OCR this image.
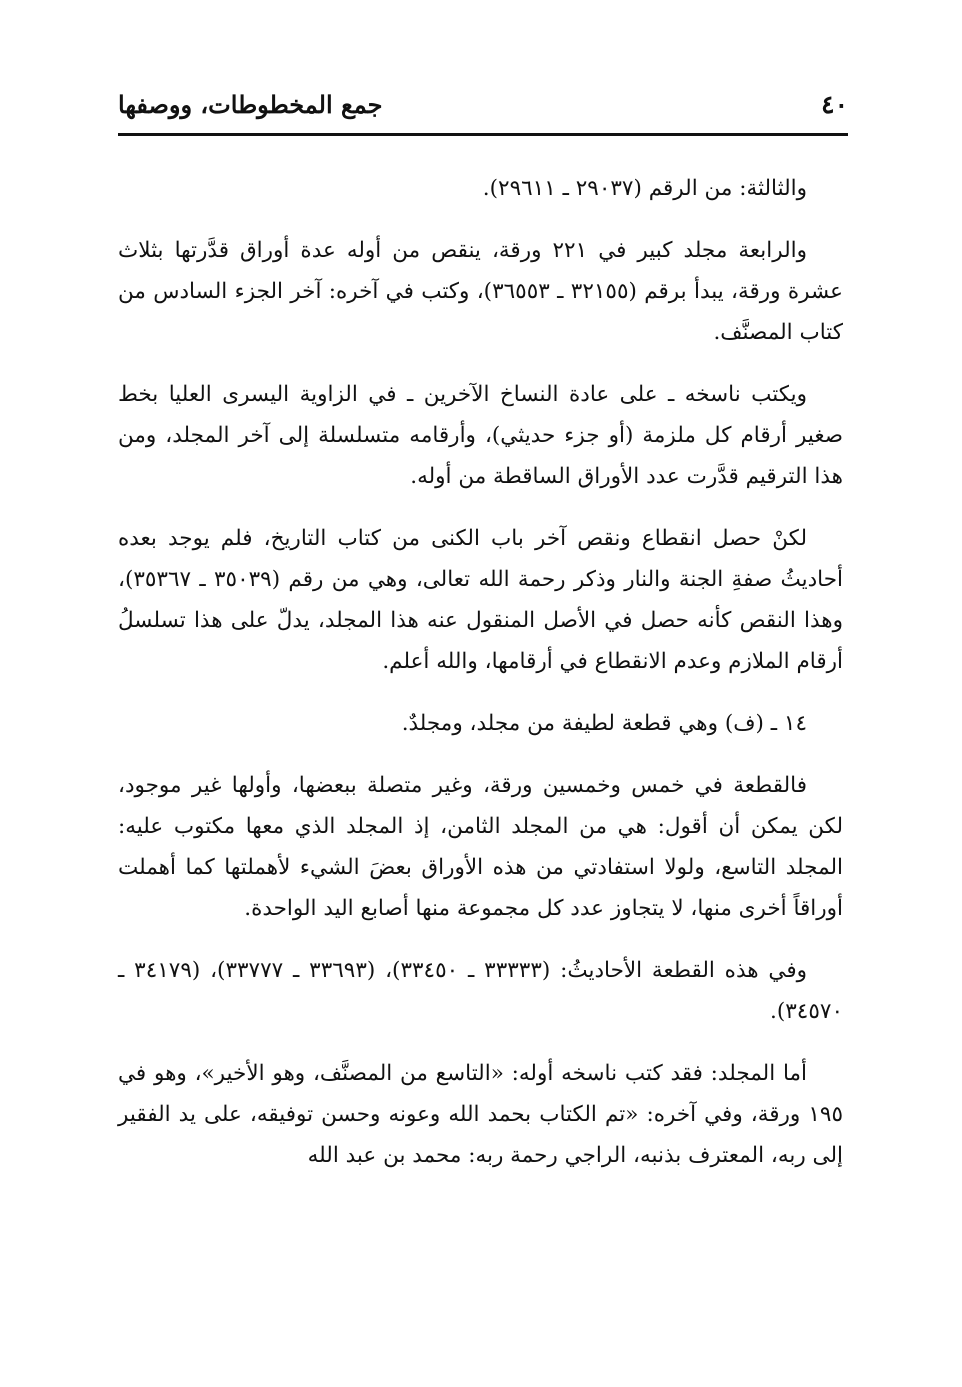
٤٠
جمع المخطوطات، ووصفها

والثالثة: من الرقم (٢٩٠٣٧ ـ ٢٩٦١١).

والرابعة مجلد كبير في ٢٢١ ورقة، ينقص من أوله عدة أوراق قدَّرتها بثلاث عشرة ورقة، يبدأ برقم (٣٢١٥٥ ـ ٣٦٥٥٣)، وكتب في آخره: آخر الجزء السادس من كتاب المصنَّف.

ويكتب ناسخه ـ على عادة النساخ الآخرين ـ في الزاوية اليسرى العليا بخط صغير أرقام كل ملزمة (أو جزء حديثي)، وأرقامه متسلسلة إلى آخر المجلد، ومن هذا الترقيم قدَّرت عدد الأوراق الساقطة من أوله.

لكنْ حصل انقطاع ونقص آخر باب الكنى من كتاب التاريخ، فلم يوجد بعده أحاديثُ صفةِ الجنة والنار وذكر رحمة الله تعالى، وهي من رقم (٣٥٠٣٩ ـ ٣٥٣٦٧)، وهذا النقص كأنه حصل في الأصل المنقول عنه هذا المجلد، يدلّ على هذا تسلسلُ أرقام الملازم وعدم الانقطاع في أرقامها، والله أعلم.

١٤ ـ (ف) وهي قطعة لطيفة من مجلد، ومجلدٌ.

فالقطعة في خمس وخمسين ورقة، وغير متصلة ببعضها، وأولها غير موجود، لكن يمكن أن أقول: هي من المجلد الثامن، إذ المجلد الذي معها مكتوب عليه: المجلد التاسع، ولولا استفادتي من هذه الأوراق بعضَ الشيء لأهملتها كما أهملت أوراقاً أخرى منها، لا يتجاوز عدد كل مجموعة منها أصابع اليد الواحدة.

وفي هذه القطعة الأحاديثُ: (٣٣٣٣٣ ـ ٣٣٤٥٠)، (٣٣٦٩٣ ـ ٣٣٧٧٧)، (٣٤١٧٩ ـ ٣٤٥٧٠).

أما المجلد: فقد كتب ناسخه أوله: «التاسع من المصنَّف، وهو الأخير»، وهو في ١٩٥ ورقة، وفي آخره: «تم الكتاب بحمد الله وعونه وحسن توفيقه، على يد الفقير إلى ربه، المعترف بذنبه، الراجي رحمة ربه: محمد بن عبد الله
